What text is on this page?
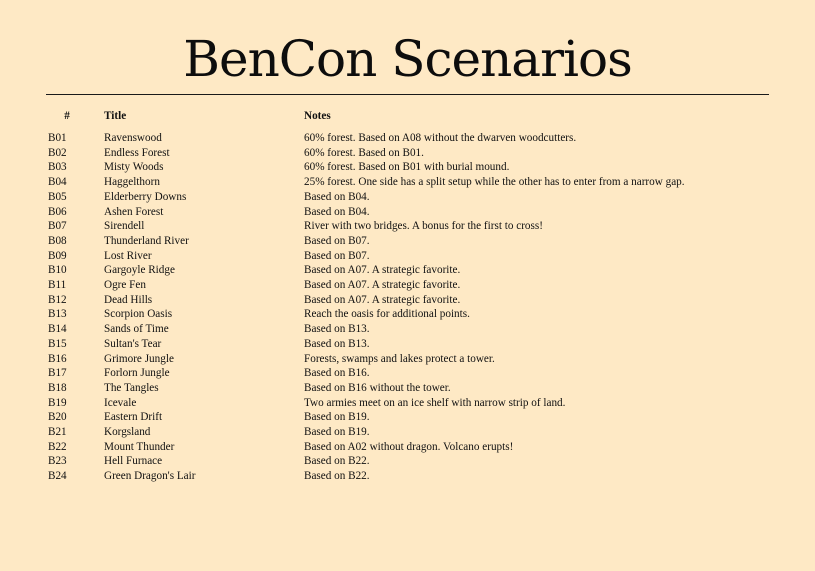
BenCon Scenarios
#	Title	Notes
B01	Ravenswood	60% forest. Based on A08 without the dwarven woodcutters.
B02	Endless Forest	60% forest. Based on B01.
B03	Misty Woods	60% forest. Based on B01 with burial mound.
B04	Haggelthorn	25% forest. One side has a split setup while the other has to enter from a narrow gap.
B05	Elderberry Downs	Based on B04.
B06	Ashen Forest	Based on B04.
B07	Sirendell	River with two bridges. A bonus for the first to cross!
B08	Thunderland River	Based on B07.
B09	Lost River	Based on B07.
B10	Gargoyle Ridge	Based on A07. A strategic favorite.
B11	Ogre Fen	Based on A07. A strategic favorite.
B12	Dead Hills	Based on A07. A strategic favorite.
B13	Scorpion Oasis	Reach the oasis for additional points.
B14	Sands of Time	Based on B13.
B15	Sultan's Tear	Based on B13.
B16	Grimore Jungle	Forests, swamps and lakes protect a tower.
B17	Forlorn Jungle	Based on B16.
B18	The Tangles	Based on B16 without the tower.
B19	Icevale	Two armies meet on an ice shelf with narrow strip of land.
B20	Eastern Drift	Based on B19.
B21	Korgsland	Based on B19.
B22	Mount Thunder	Based on A02 without dragon. Volcano erupts!
B23	Hell Furnace	Based on B22.
B24	Green Dragon's Lair	Based on B22.
